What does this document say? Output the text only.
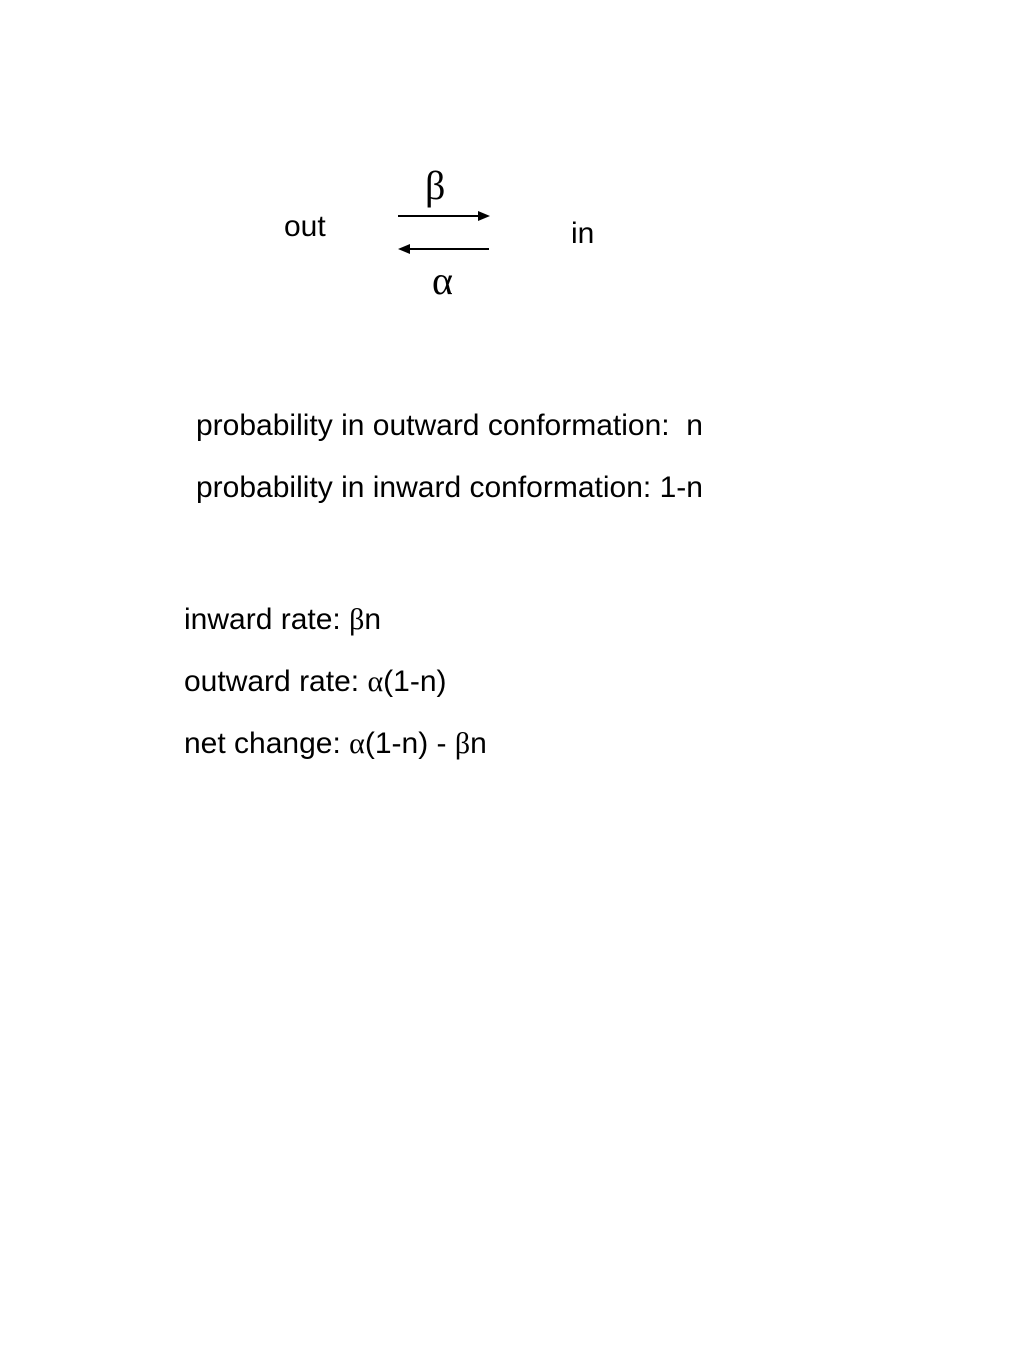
out
β
α
in
probability in outward conformation: n
probability in inward conformation: 1-n
inward rate: βn
outward rate: α(1-n)
net change: α(1-n) - βn
